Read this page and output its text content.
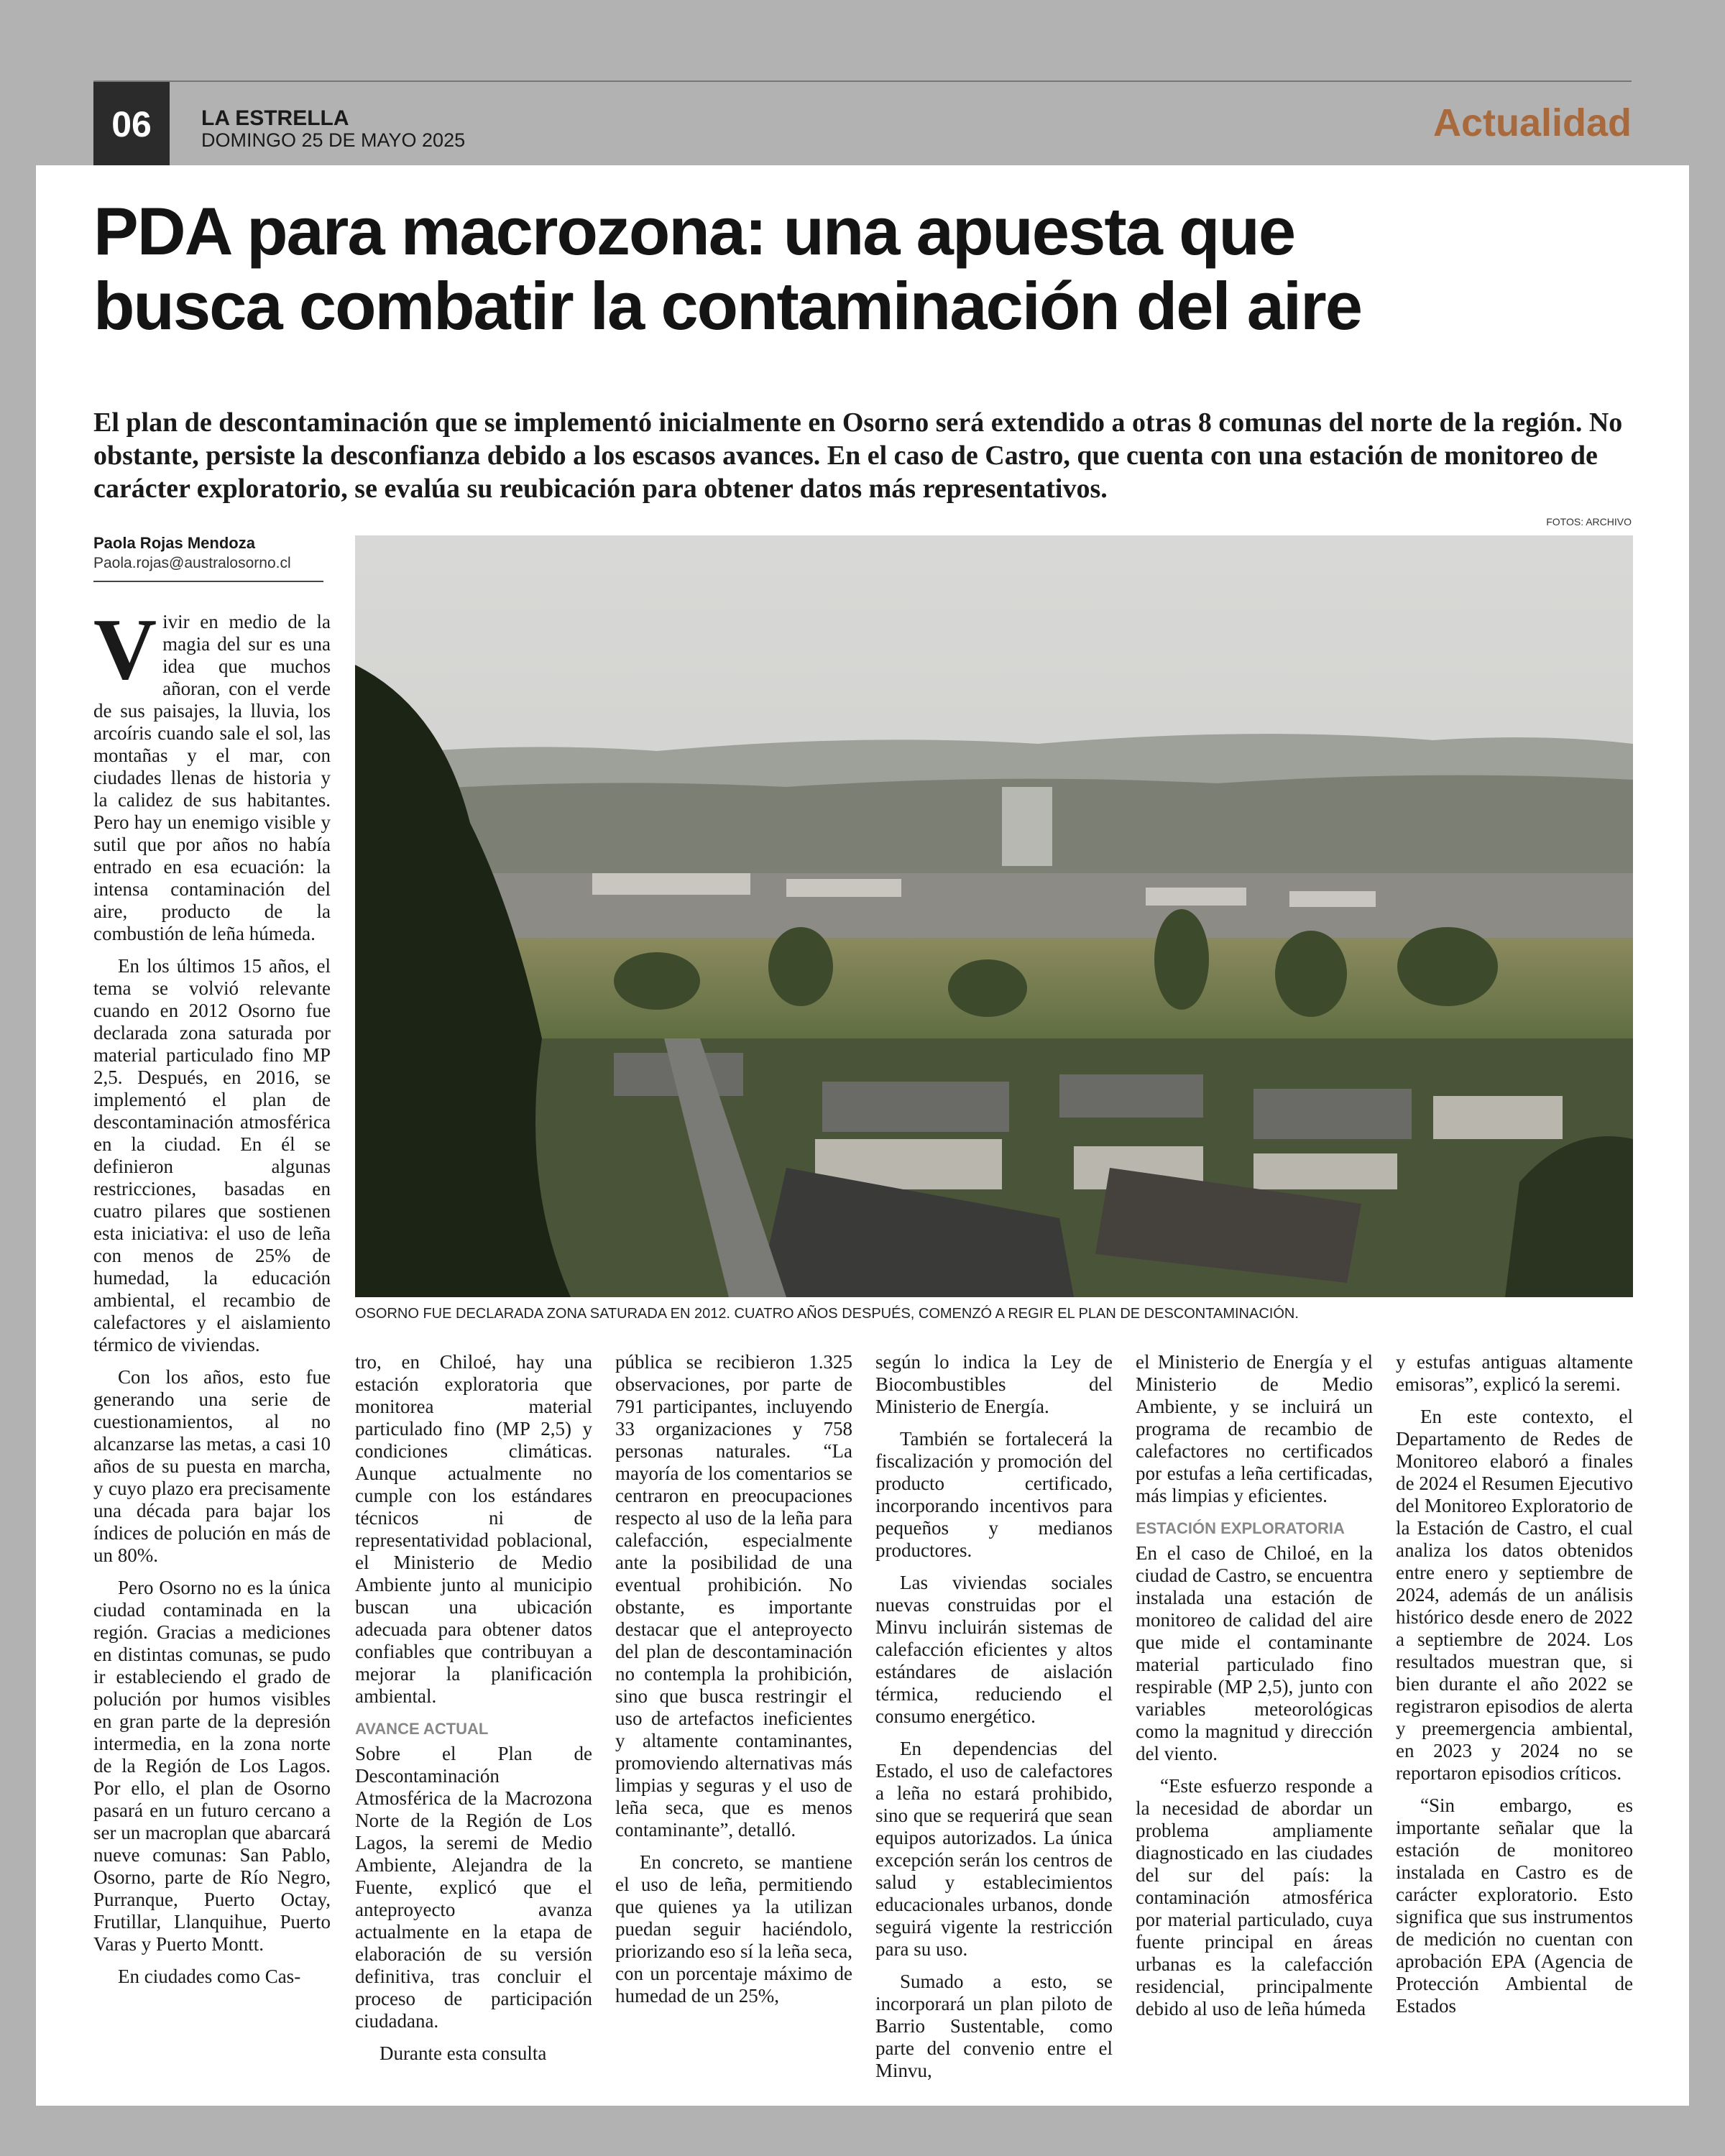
06	LA ESTRELLA
DOMINGO 25 DE MAYO 2025	Actualidad
PDA para macrozona: una apuesta que
busca combatir la contaminación del aire
El plan de descontaminación que se implementó inicialmente en Osorno será extendido a otras 8 comunas del norte de la región. No obstante, persiste la desconfianza debido a los escasos avances. En el caso de Castro, que cuenta con una estación de monitoreo de carácter exploratorio, se evalúa su reubicación para obtener datos más representativos.
FOTOS: ARCHIVO
Paola Rojas Mendoza
Paola.rojas@australosorno.cl
OSORNO FUE DECLARADA ZONA SATURADA EN 2012. CUATRO AÑOS DESPUÉS, COMENZÓ A REGIR EL PLAN DE DESCONTAMINACIÓN.

Vivir en medio de la magia del sur es una idea que muchos añoran, con el verde de sus paisajes, la lluvia, los arcoíris cuando sale el sol, las montañas y el mar, con ciudades llenas de historia y la calidez de sus habitantes. Pero hay un enemigo visible y sutil que por años no había entrado en esa ecuación: la intensa contaminación del aire, producto de la combustión de leña húmeda.

En los últimos 15 años, el tema se volvió relevante cuando en 2012 Osorno fue declarada zona saturada por material particulado fino MP 2,5. Después, en 2016, se implementó el plan de descontaminación atmosférica en la ciudad. En él se definieron algunas restricciones, basadas en cuatro pilares que sostienen esta iniciativa: el uso de leña con menos de 25% de humedad, la educación ambiental, el recambio de calefactores y el aislamiento térmico de viviendas.

Con los años, esto fue generando una serie de cuestionamientos, al no alcanzarse las metas, a casi 10 años de su puesta en marcha, y cuyo plazo era precisamente una década para bajar los índices de polución en más de un 80%.

Pero Osorno no es la única ciudad contaminada en la región. Gracias a mediciones en distintas comunas, se pudo ir estableciendo el grado de polución por humos visibles en gran parte de la depresión intermedia, en la zona norte de la Región de Los Lagos. Por ello, el plan de Osorno pasará en un futuro cercano a ser un macroplan que abarcará nueve comunas: San Pablo, Osorno, parte de Río Negro, Purranque, Puerto Octay, Frutillar, Llanquihue, Puerto Varas y Puerto Montt.

En ciudades como Cas-

tro, en Chiloé, hay una estación exploratoria que monitorea material particulado fino (MP 2,5) y condiciones climáticas. Aunque actualmente no cumple con los estándares técnicos ni de representatividad poblacional, el Ministerio de Medio Ambiente junto al municipio buscan una ubicación adecuada para obtener datos confiables que contribuyan a mejorar la planificación ambiental.

AVANCE ACTUAL

Sobre el Plan de Descontaminación Atmosférica de la Macrozona Norte de la Región de Los Lagos, la seremi de Medio Ambiente, Alejandra de la Fuente, explicó que el anteproyecto avanza actualmente en la etapa de elaboración de su versión definitiva, tras concluir el proceso de participación ciudadana.

Durante esta consulta

pública se recibieron 1.325 observaciones, por parte de 791 participantes, incluyendo 33 organizaciones y 758 personas naturales. “La mayoría de los comentarios se centraron en preocupaciones respecto al uso de la leña para calefacción, especialmente ante la posibilidad de una eventual prohibición. No obstante, es importante destacar que el anteproyecto del plan de descontaminación no contempla la prohibición, sino que busca restringir el uso de artefactos ineficientes y altamente contaminantes, promoviendo alternativas más limpias y seguras y el uso de leña seca, que es menos contaminante”, detalló.

En concreto, se mantiene el uso de leña, permitiendo que quienes ya la utilizan puedan seguir haciéndolo, priorizando eso sí la leña seca, con un porcentaje máximo de humedad de un 25%,

según lo indica la Ley de Biocombustibles del Ministerio de Energía.

También se fortalecerá la fiscalización y promoción del producto certificado, incorporando incentivos para pequeños y medianos productores.

Las viviendas sociales nuevas construidas por el Minvu incluirán sistemas de calefacción eficientes y altos estándares de aislación térmica, reduciendo el consumo energético.

En dependencias del Estado, el uso de calefactores a leña no estará prohibido, sino que se requerirá que sean equipos autorizados. La única excepción serán los centros de salud y establecimientos educacionales urbanos, donde seguirá vigente la restricción para su uso.

Sumado a esto, se incorporará un plan piloto de Barrio Sustentable, como parte del convenio entre el Minvu,

el Ministerio de Energía y el Ministerio de Medio Ambiente, y se incluirá un programa de recambio de calefactores no certificados por estufas a leña certificadas, más limpias y eficientes.

ESTACIÓN EXPLORATORIA

En el caso de Chiloé, en la ciudad de Castro, se encuentra instalada una estación de monitoreo de calidad del aire que mide el contaminante material particulado fino respirable (MP 2,5), junto con variables meteorológicas como la magnitud y dirección del viento.

“Este esfuerzo responde a la necesidad de abordar un problema ampliamente diagnosticado en las ciudades del sur del país: la contaminación atmosférica por material particulado, cuya fuente principal en áreas urbanas es la calefacción residencial, principalmente debido al uso de leña húmeda

y estufas antiguas altamente emisoras”, explicó la seremi.

En este contexto, el Departamento de Redes de Monitoreo elaboró a finales de 2024 el Resumen Ejecutivo del Monitoreo Exploratorio de la Estación de Castro, el cual analiza los datos obtenidos entre enero y septiembre de 2024, además de un análisis histórico desde enero de 2022 a septiembre de 2024. Los resultados muestran que, si bien durante el año 2022 se registraron episodios de alerta y preemergencia ambiental, en 2023 y 2024 no se reportaron episodios críticos.

“Sin embargo, es importante señalar que la estación de monitoreo instalada en Castro es de carácter exploratorio. Esto significa que sus instrumentos de medición no cuentan con aprobación EPA (Agencia de Protección Ambiental de Estados
